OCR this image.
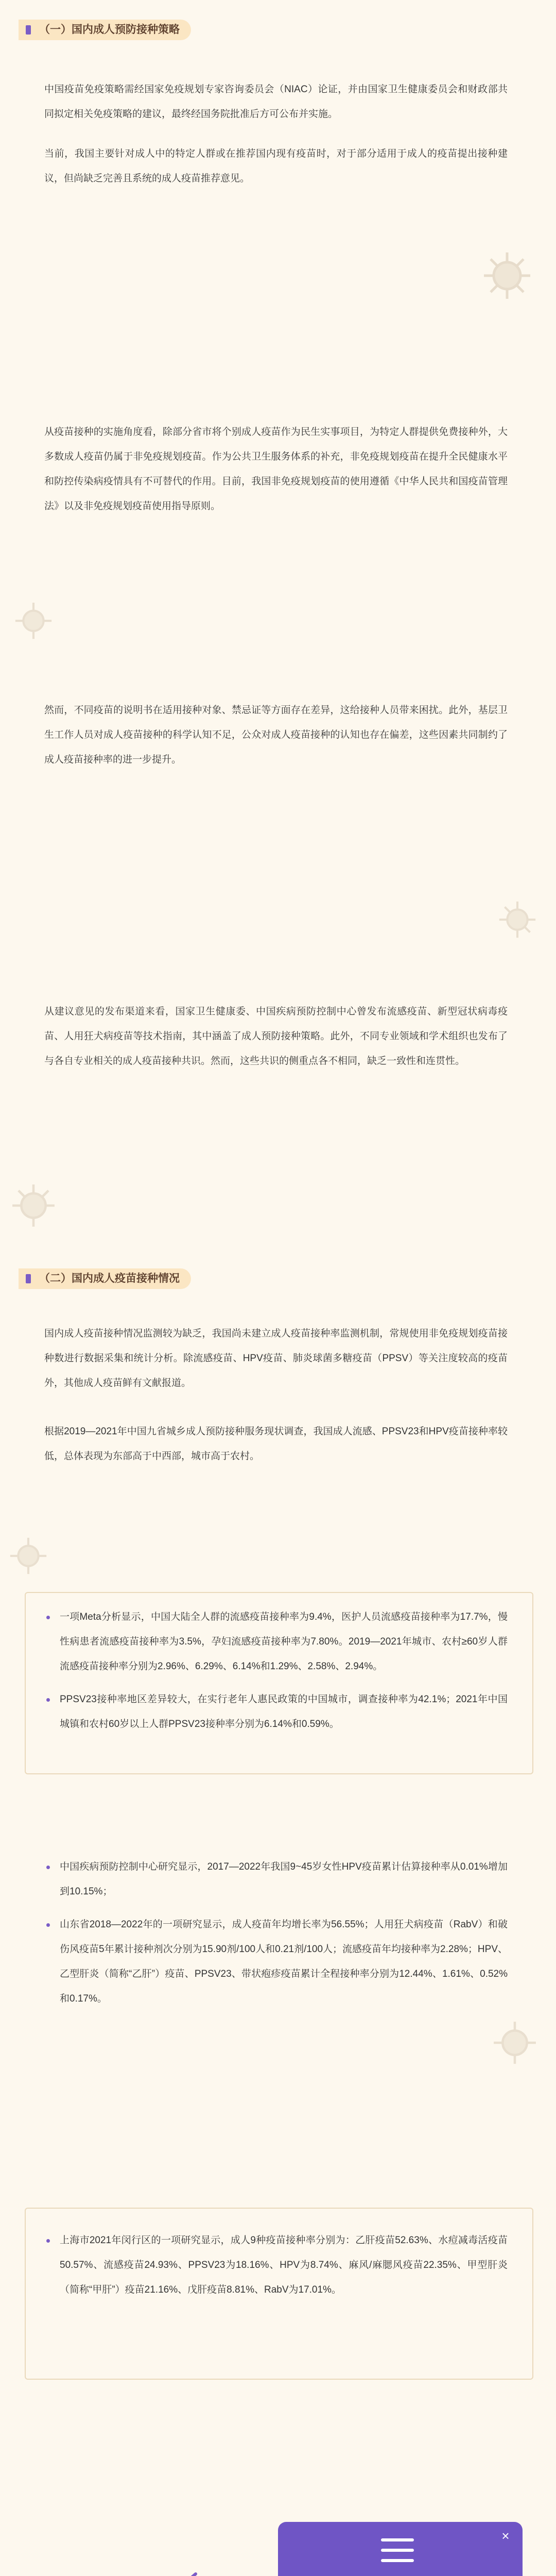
（一）国内成人预防接种策略

中国疫苗免疫策略需经国家免疫规划专家咨询委员会（NIAC）论证，并由国家卫生健康委员会和财政部共同拟定相关免疫策略的建议，最终经国务院批准后方可公布并实施。

当前，我国主要针对成人中的特定人群或在推荐国内现有疫苗时，对于部分适用于成人的疫苗提出接种建议，但尚缺乏完善且系统的成人疫苗推荐意见。

从疫苗接种的实施角度看，除部分省市将个别成人疫苗作为民生实事项目，为特定人群提供免费接种外，大多数成人疫苗仍属于非免疫规划疫苗。作为公共卫生服务体系的补充，非免疫规划疫苗在提升全民健康水平和防控传染病疫情具有不可替代的作用。目前，我国非免疫规划疫苗的使用遵循《中华人民共和国疫苗管理法》以及非免疫规划疫苗使用指导原则。

然而，不同疫苗的说明书在适用接种对象、禁忌证等方面存在差异，这给接种人员带来困扰。此外，基层卫生工作人员对成人疫苗接种的科学认知不足，公众对成人疫苗接种的认知也存在偏差，这些因素共同制约了成人疫苗接种率的进一步提升。

从建议意见的发布渠道来看，国家卫生健康委、中国疾病预防控制中心曾发布流感疫苗、新型冠状病毒疫苗、人用狂犬病疫苗等技术指南，其中涵盖了成人预防接种策略。此外，不同专业领域和学术组织也发布了与各自专业相关的成人疫苗接种共识。然而，这些共识的侧重点各不相同，缺乏一致性和连贯性。

（二）国内成人疫苗接种情况

国内成人疫苗接种情况监测较为缺乏，我国尚未建立成人疫苗接种率监测机制，常规使用非免疫规划疫苗接种数进行数据采集和统计分析。除流感疫苗、HPV疫苗、肺炎球菌多糖疫苗（PPSV）等关注度较高的疫苗外，其他成人疫苗鲜有文献报道。

根据2019—2021年中国九省城乡成人预防接种服务现状调查，我国成人流感、PPSV23和HPV疫苗接种率较低，总体表现为东部高于中西部，城市高于农村。

一项Meta分析显示，中国大陆全人群的流感疫苗接种率为9.4%，医护人员流感疫苗接种率为17.7%，慢性病患者流感疫苗接种率为3.5%，孕妇流感疫苗接种率为7.80%。2019—2021年城市、农村≥60岁人群流感疫苗接种率分别为2.96%、6.29%、6.14%和1.29%、2.58%、2.94%。
PPSV23接种率地区差异较大，在实行老年人惠民政策的中国城市，调查接种率为42.1%；2021年中国城镇和农村60岁以上人群PPSV23接种率分别为6.14%和0.59%。
中国疾病预防控制中心研究显示，2017—2022年我国9~45岁女性HPV疫苗累计估算接种率从0.01%增加到10.15%；
山东省2018—2022年的一项研究显示，成人疫苗年均增长率为56.55%；人用狂犬病疫苗（RabV）和破伤风疫苗5年累计接种剂次分别为15.90剂/100人和0.21剂/100人；流感疫苗年均接种率为2.28%；HPV、乙型肝炎（简称“乙肝”）疫苗、PPSV23、带状疱疹疫苗累计全程接种率分别为12.44%、1.61%、0.52%和0.17%。
上海市2021年闵行区的一项研究显示，成人9种疫苗接种率分别为：乙肝疫苗52.63%、水痘减毒活疫苗50.57%、流感疫苗24.93%、PPSV23为18.16%、HPV为8.74%、麻风/麻腮风疫苗22.35%、甲型肝炎（简称“甲肝”）疫苗21.16%、戊肝疫苗8.81%、RabV为17.01%。
×
